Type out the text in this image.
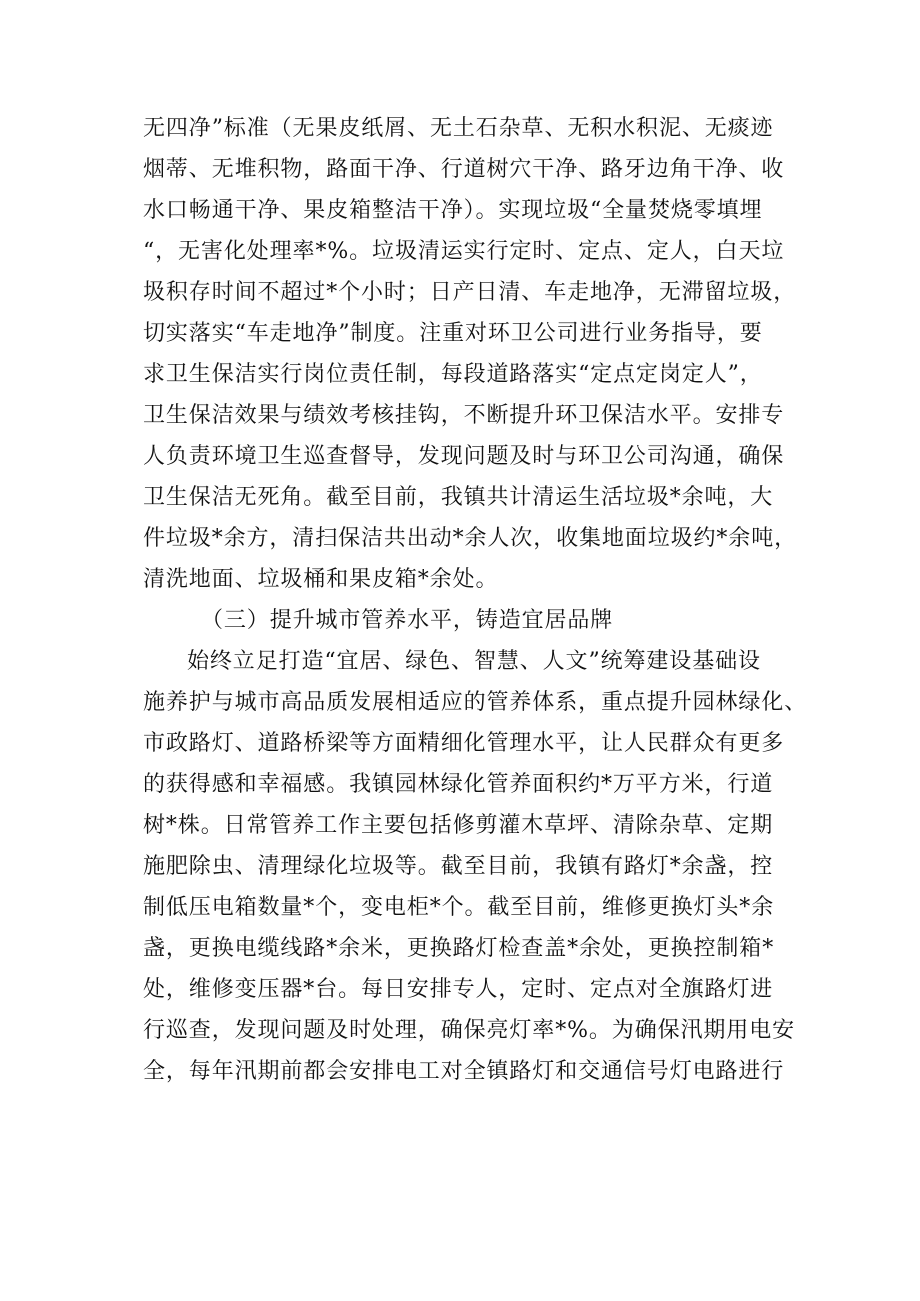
无四净”标准（无果皮纸屑、无土石杂草、无积水积泥、无痰迹
烟蒂、无堆积物，路面干净、行道树穴干净、路牙边角干净、收
水口畅通干净、果皮箱整洁干净）。实现垃圾“全量焚烧零填埋
“，无害化处理率*%。垃圾清运实行定时、定点、定人，白天垃
圾积存时间不超过*个小时；日产日清、车走地净，无滞留垃圾，
切实落实“车走地净”制度。注重对环卫公司进行业务指导，要
求卫生保洁实行岗位责任制，每段道路落实“定点定岗定人”，
卫生保洁效果与绩效考核挂钩，不断提升环卫保洁水平。安排专
人负责环境卫生巡查督导，发现问题及时与环卫公司沟通，确保
卫生保洁无死角。截至目前，我镇共计清运生活垃圾*余吨，大
件垃圾*余方，清扫保洁共出动*余人次，收集地面垃圾约*余吨，
清洗地面、垃圾桶和果皮箱*余处。
（三）提升城市管养水平，铸造宜居品牌
始终立足打造“宜居、绿色、智慧、人文”统筹建设基础设
施养护与城市高品质发展相适应的管养体系，重点提升园林绿化、
市政路灯、道路桥梁等方面精细化管理水平，让人民群众有更多
的获得感和幸福感。我镇园林绿化管养面积约*万平方米，行道
树*株。日常管养工作主要包括修剪灌木草坪、清除杂草、定期
施肥除虫、清理绿化垃圾等。截至目前，我镇有路灯*余盏，控
制低压电箱数量*个，变电柜*个。截至目前，维修更换灯头*余
盏，更换电缆线路*余米，更换路灯检查盖*余处，更换控制箱*
处，维修变压器*台。每日安排专人，定时、定点对全旗路灯进
行巡查，发现问题及时处理，确保亮灯率*%。为确保汛期用电安
全，每年汛期前都会安排电工对全镇路灯和交通信号灯电路进行
